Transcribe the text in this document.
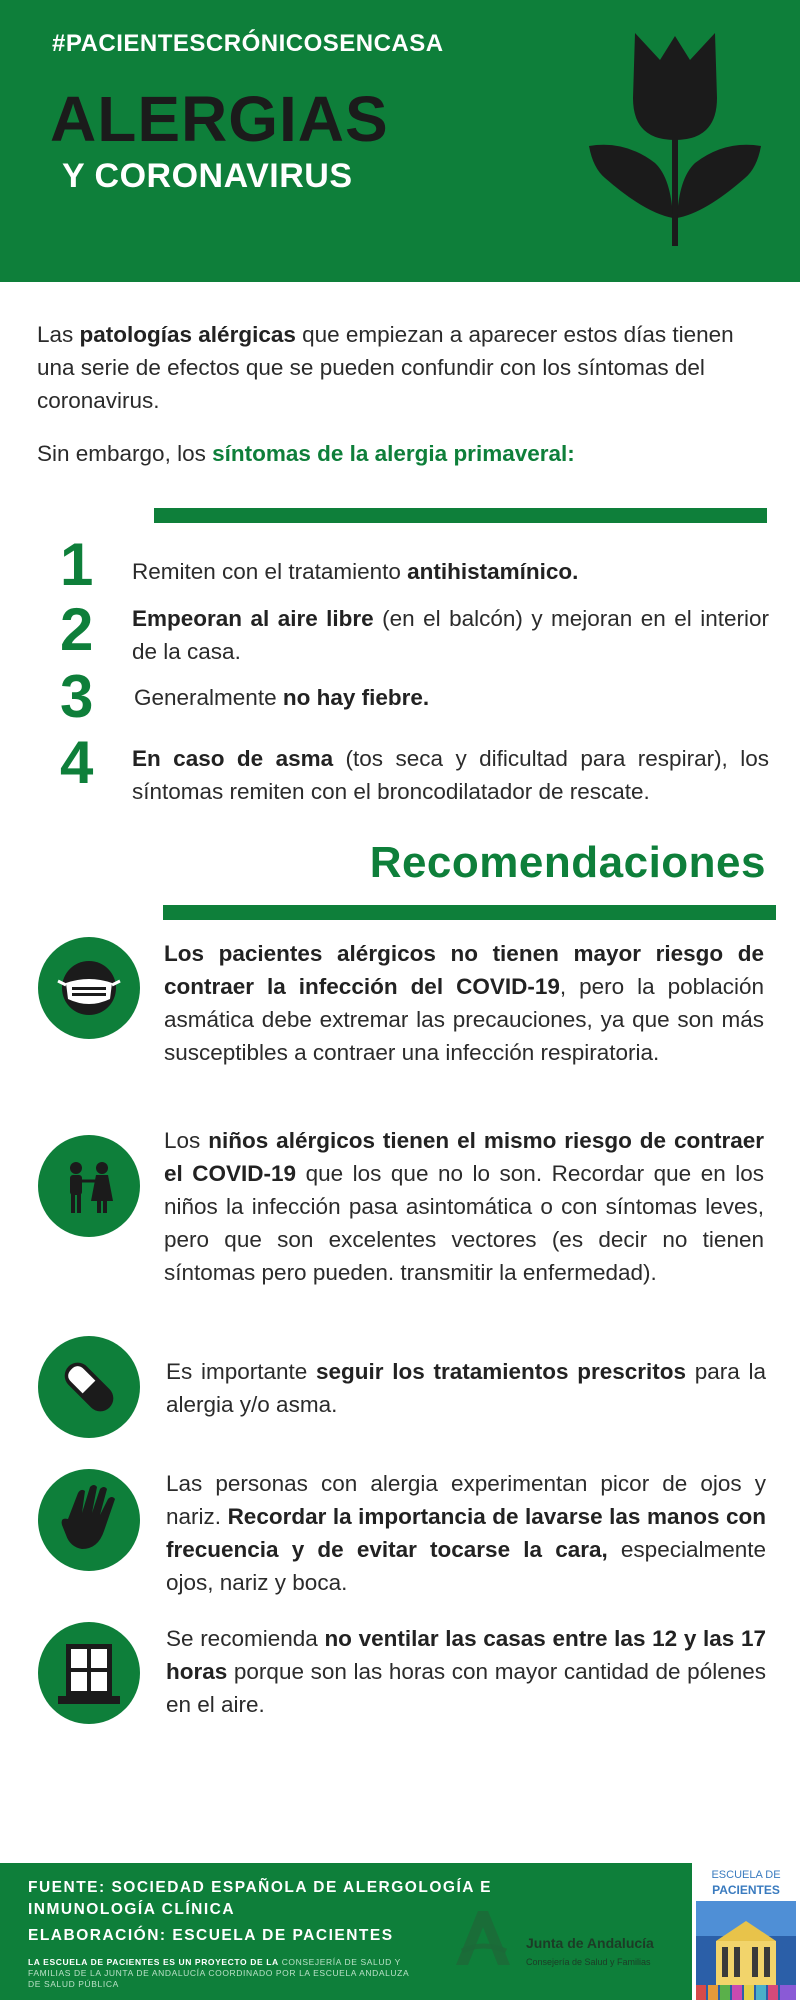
#PACIENTESCRÓNICOSENCASA
ALERGIAS
Y CORONAVIRUS

Las patologías alérgicas que empiezan a aparecer estos días tienen una serie de efectos que se pueden confundir con los síntomas del coronavirus.

Sin embargo, los síntomas de la alergia primaveral:

1 Remiten con el tratamiento antihistamínico.
2 Empeoran al aire libre (en el balcón) y mejoran en el interior de la casa.
3 Generalmente no hay fiebre.
4 En caso de asma (tos seca y dificultad para respirar), los síntomas remiten con el broncodilatador de rescate.
Recomendaciones
Los pacientes alérgicos no tienen mayor riesgo de contraer la infección del COVID-19, pero la población asmática debe extremar las precauciones, ya que son más susceptibles a contraer una infección respiratoria.
Los niños alérgicos tienen el mismo riesgo de contraer el COVID-19 que los que no lo son. Recordar que en los niños la infección pasa asintomática o con síntomas leves, pero que son excelentes vectores (es decir no tienen síntomas pero pueden. transmitir la enfermedad).
Es importante seguir los tratamientos prescritos para la alergia y/o asma.
Las personas con alergia experimentan picor de ojos y nariz. Recordar la importancia de lavarse las manos con frecuencia y de evitar tocarse la cara, especialmente ojos, nariz y boca.
Se recomienda no ventilar las casas entre las 12 y las 17 horas porque son las horas con mayor cantidad de pólenes en el aire.
FUENTE: SOCIEDAD ESPAÑOLA DE ALERGOLOGÍA E INMUNOLOGÍA CLÍNICA
ELABORACIÓN: ESCUELA DE PACIENTES
LA ESCUELA DE PACIENTES ES UN PROYECTO DE LA CONSEJERÍA DE SALUD Y FAMILIAS DE LA JUNTA DE ANDALUCÍA COORDINADO POR LA ESCUELA ANDALUZA DE SALUD PÚBLICA
Junta de Andalucía
Consejería de Salud y Familias
ESCUELA DE
PACIENTES
